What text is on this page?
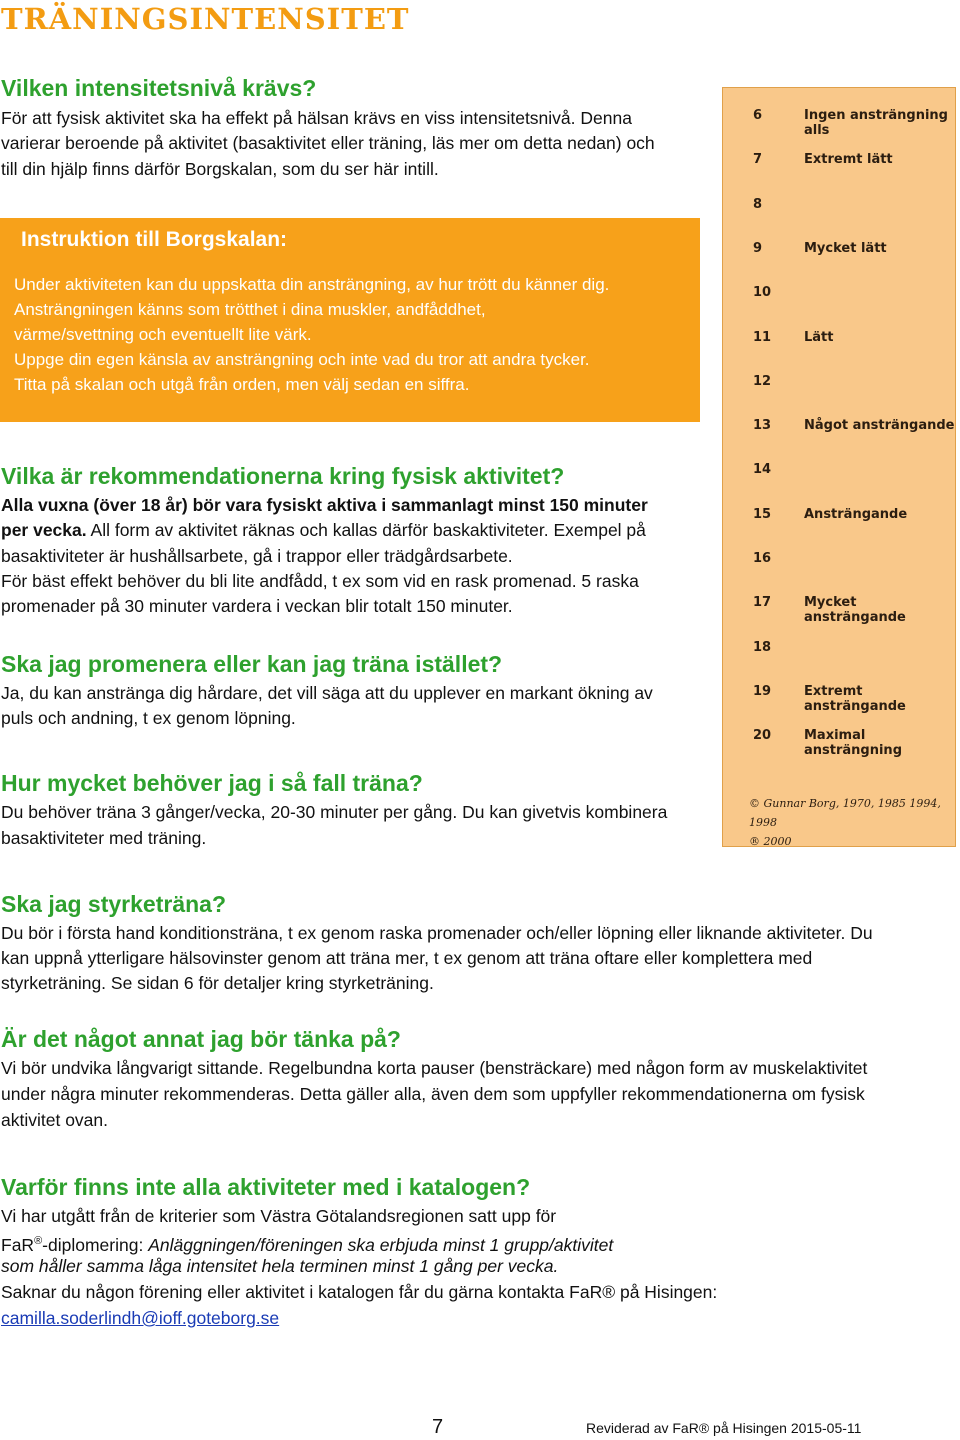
TRÄNINGSINTENSITET
Vilken intensitetsnivå krävs?

För att fysisk aktivitet ska ha effekt på hälsan krävs en viss intensitetsnivå. Denna

varierar beroende på aktivitet (basaktivitet eller träning, läs mer om detta nedan) och

till din hjälp finns därför Borgskalan, som du ser här intill.

Instruktion till Borgskalan:
Under aktiviteten kan du uppskatta din ansträngning, av hur trött du känner dig.
Ansträngningen känns som trötthet i dina muskler, andfåddhet,
värme/svettning och eventuellt lite värk.
Uppge din egen känsla av ansträngning och inte vad du tror att andra tycker.
Titta på skalan och utgå från orden, men välj sedan en siffra.
6	Ingen ansträngning alls
7	Extremt lätt
8
9	Mycket lätt
10
11	Lätt
12
13	Något ansträngande
14
15	Ansträngande
16
17	Mycket ansträngande
18
19	Extremt ansträngande
20	Maximal ansträngning
© Gunnar Borg, 1970, 1985 1994, 1998
® 2000
Vilka är rekommendationerna kring fysisk aktivitet?

Alla vuxna (över 18 år) bör vara fysiskt aktiva i sammanlagt minst 150 minuter

per vecka. All form av aktivitet räknas och kallas därför baskaktiviteter. Exempel på

basaktiviteter är hushållsarbete, gå i trappor eller trädgårdsarbete.

För bäst effekt behöver du bli lite andfådd, t ex som vid en rask promenad. 5 raska

promenader på 30 minuter vardera i veckan blir totalt 150 minuter.

Ska jag promenera eller kan jag träna istället?

Ja, du kan anstränga dig hårdare, det vill säga att du upplever en markant ökning av

puls och andning, t ex genom löpning.

Hur mycket behöver jag i så fall träna?

Du behöver träna 3 gånger/vecka, 20-30 minuter per gång. Du kan givetvis kombinera

basaktiviteter med träning.

Ska jag styrketräna?

Du bör i första hand konditionsträna, t ex genom raska promenader och/eller löpning eller liknande aktiviteter. Du

kan uppnå ytterligare hälsovinster genom att träna mer, t ex genom att träna oftare eller komplettera med

styrketräning. Se sidan 6 för detaljer kring styrketräning.

Är det något annat jag bör tänka på?

Vi bör undvika långvarigt sittande. Regelbundna korta pauser (bensträckare) med någon form av muskelaktivitet

under några minuter rekommenderas. Detta gäller alla, även dem som uppfyller rekommendationerna om fysisk

aktivitet ovan.

Varför finns inte alla aktiviteter med i katalogen?

Vi har utgått från de kriterier som Västra Götalandsregionen satt upp för

FaR®-diplomering: Anläggningen/föreningen ska erbjuda minst 1 grupp/aktivitet

som håller samma låga intensitet hela terminen minst 1 gång per vecka.

Saknar du någon förening eller aktivitet i katalogen får du gärna kontakta FaR® på Hisingen:

camilla.soderlindh@ioff.goteborg.se

7	Reviderad av FaR® på Hisingen 2015-05-11
